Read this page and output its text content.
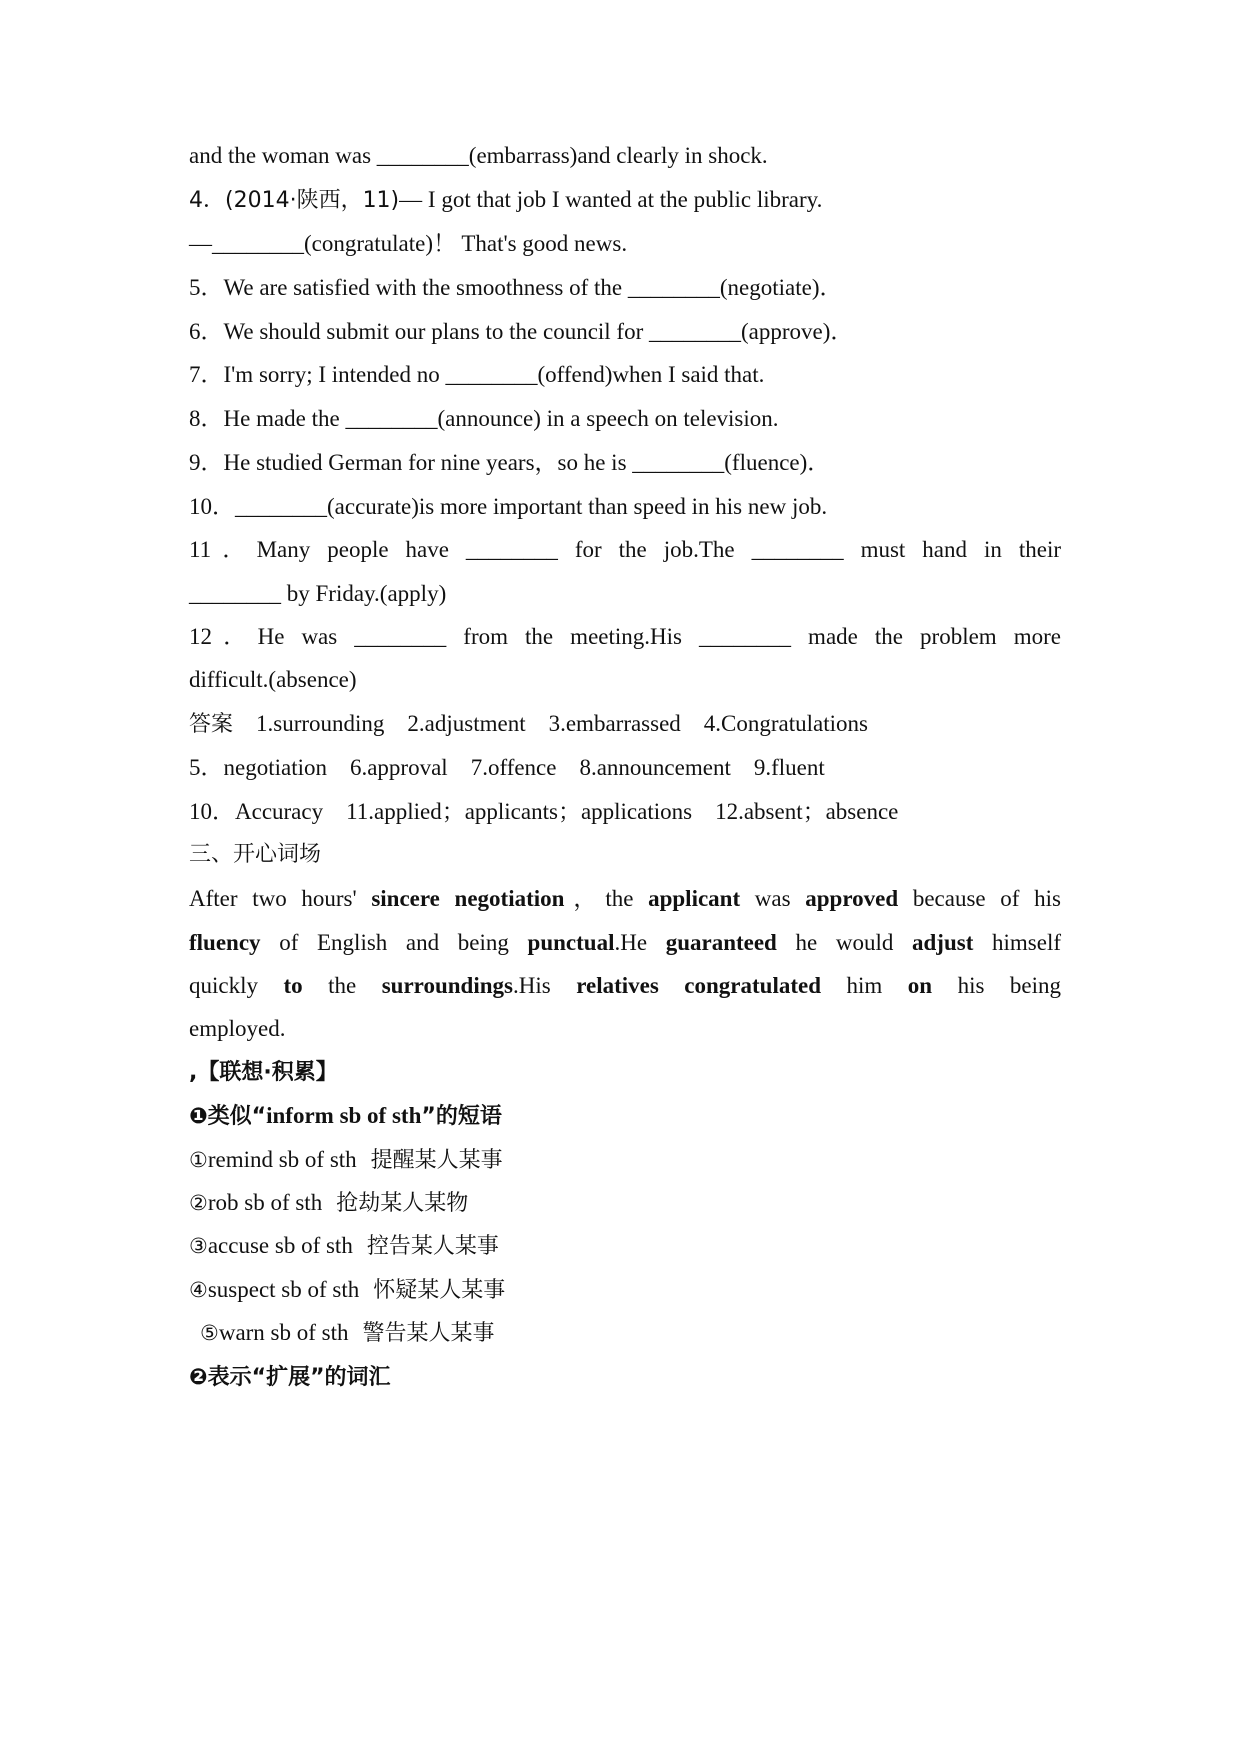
and the woman was ________(embarrass)and clearly in shock.
4．(2014·陕西，11)— I got that job I wanted at the public library.
—________(congratulate)！ That's good news.
5．We are satisfied with the smoothness of the ________(negotiate)．
6．We should submit our plans to the council for ________(approve)．
7．I'm sorry; I intended no ________(offend)when I said that.
8．He made the ________(announce) in a speech on television.
9．He studied German for nine years，so he is ________(fluence)．
10．________(accurate)is more important than speed in his new job.
11．Many people have ________ for the job.The ________ must hand in their
________ by Friday.(apply)
12．He was ________ from the meeting.His ________ made the problem more
difficult.(absence)
答案　1.surrounding　2.adjustment　3.embarrassed　4.Congratulations
5．negotiation　6.approval　7.offence　8.announcement　9.fluent
10．Accuracy　11.applied；applicants；applications　12.absent；absence
三、开心词场
After two hours' sincere negotiation，the applicant was approved because of his
fluency of English and being punctual.He guaranteed he would adjust himself
quickly to the surroundings.His relatives congratulated him on his being
employed.
,【联想·积累】
❶类似“inform sb of sth”的短语
①remind sb of sth  提醒某人某事
②rob sb of sth  抢劫某人某物
③accuse sb of sth  控告某人某事
④suspect sb of sth  怀疑某人某事
⑤warn sb of sth  警告某人某事
❷表示“扩展”的词汇
